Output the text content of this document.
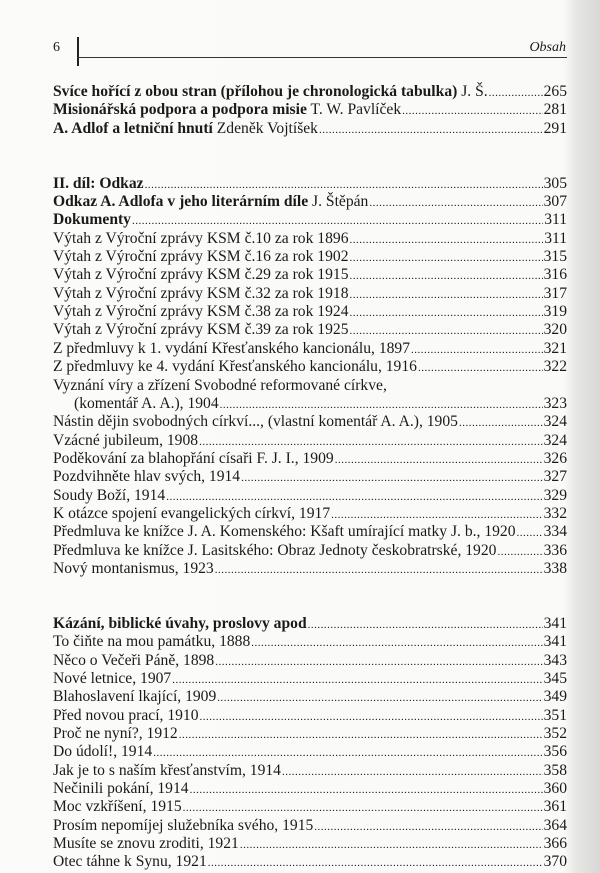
6	Obsah
Svíce hořící z obou stran (přílohou je chronologická tabulka) J. Š. .....	265
Misionářská podpora a podpora misie T. W. Pavlíček .....	281
A. Adlof a letniční hnutí Zdeněk Vojtíšek .....	291
II. díl: Odkaz .....	305
Odkaz A. Adlofa v jeho literárním díle J. Štěpán .....	307
Dokumenty .....	311
Výtah z Výroční zprávy KSM č.10 za rok 1896 .....	311
Výtah z Výroční zprávy KSM č.16 za rok 1902 .....	315
Výtah z Výroční zprávy KSM č.29 za rok 1915 .....	316
Výtah z Výroční zprávy KSM č.32 za rok 1918 .....	317
Výtah z Výroční zprávy KSM č.38 za rok 1924 .....	319
Výtah z Výroční zprávy KSM č.39 za rok 1925 .....	320
Z předmluvy k 1. vydání Křesťanského kancionálu, 1897 .....	321
Z předmluvy ke 4. vydání Křesťanského kancionálu, 1916 .....	322
Vyznání víry a zřízení Svobodné reformované církve,
(komentář A. A.), 1904 .....	323
Nástin dějin svobodných církví..., (vlastní komentář A. A.), 1905 .....	324
Vzácné jubileum, 1908 .....	324
Poděkování za blahopřání císaři F. J. I., 1909 .....	326
Pozdvihněte hlav svých, 1914 .....	327
Soudy Boží, 1914 .....	329
K otázce spojení evangelických církví, 1917 .....	332
Předmluva ke knížce J. A. Komenského: Kšaft umírající matky J. b., 1920 ..... 334
Předmluva ke knížce J. Lasitského: Obraz Jednoty českobratrské, 1920 .....	336
Nový montanismus, 1923 .....	338
Kázání, biblické úvahy, proslovy apod .....	341
To čiňte na mou památku, 1888 .....	341
Něco o Večeři Páně, 1898 .....	343
Nové letnice, 1907 .....	345
Blahoslavení lkající, 1909 .....	349
Před novou prací, 1910 .....	351
Proč ne nyní?, 1912 .....	352
Do údolí!, 1914 .....	356
Jak je to s naším křesťanstvím, 1914 .....	358
Nečinili pokání, 1914 .....	360
Moc vzkříšení, 1915 .....	361
Prosím nepomíjej služebníka svého, 1915 .....	364
Musíte se znovu zroditi, 1921 .....	366
Otec táhne k Synu, 1921 .....	370
